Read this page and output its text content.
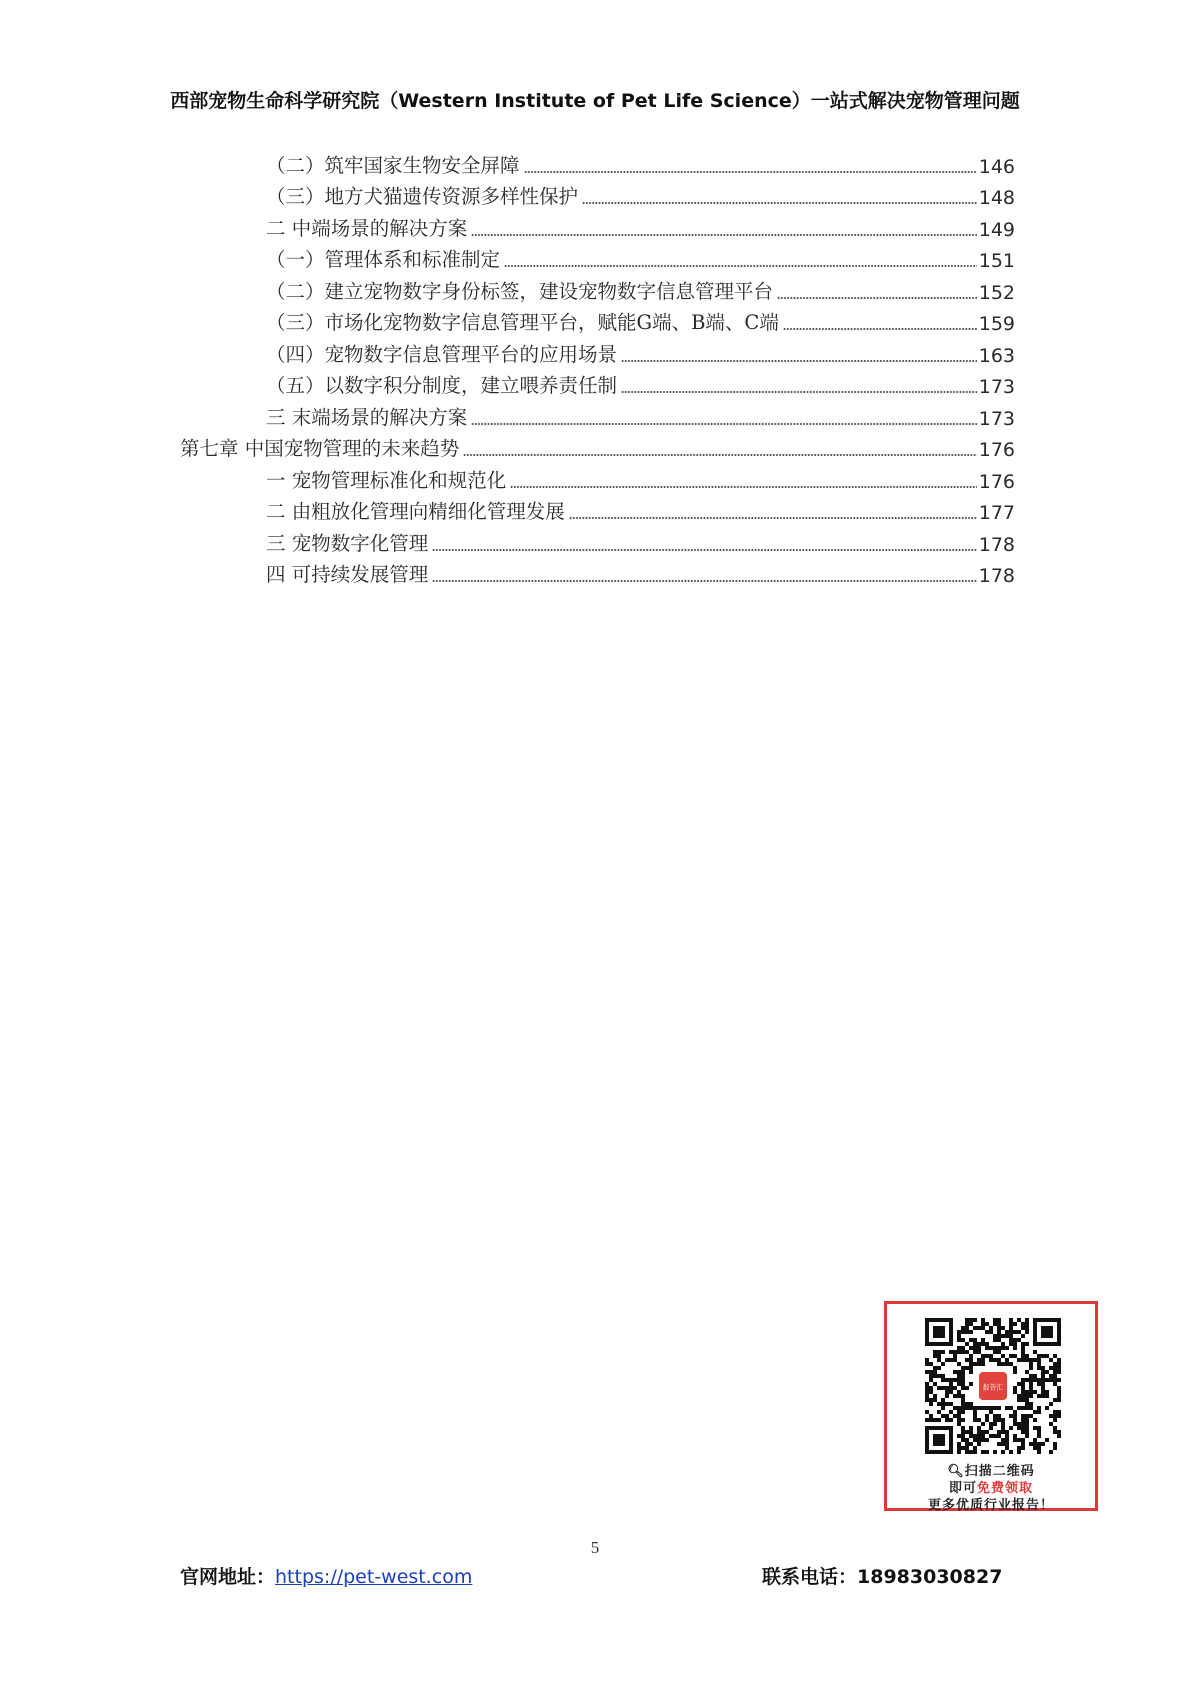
西部宠物生命科学研究院（Western Institute of Pet Life Science）一站式解决宠物管理问题
（二）筑牢国家生物安全屏障	146
（三）地方犬猫遗传资源多样性保护	148
二 中端场景的解决方案	149
（一）管理体系和标准制定	151
（二）建立宠物数字身份标签，建设宠物数字信息管理平台	152
（三）市场化宠物数字信息管理平台，赋能G端、B端、C端	159
（四）宠物数字信息管理平台的应用场景	163
（五）以数字积分制度，建立喂养责任制	173
三 末端场景的解决方案	173
第七章 中国宠物管理的未来趋势	176
一 宠物管理标准化和规范化	176
二 由粗放化管理向精细化管理发展	177
三 宠物数字化管理	178
四 可持续发展管理	178
5
官网地址：https://pet-west.com	联系电话：18983030827
报告汇
🔍︎扫描二维码
即可免费领取
更多优质行业报告！
